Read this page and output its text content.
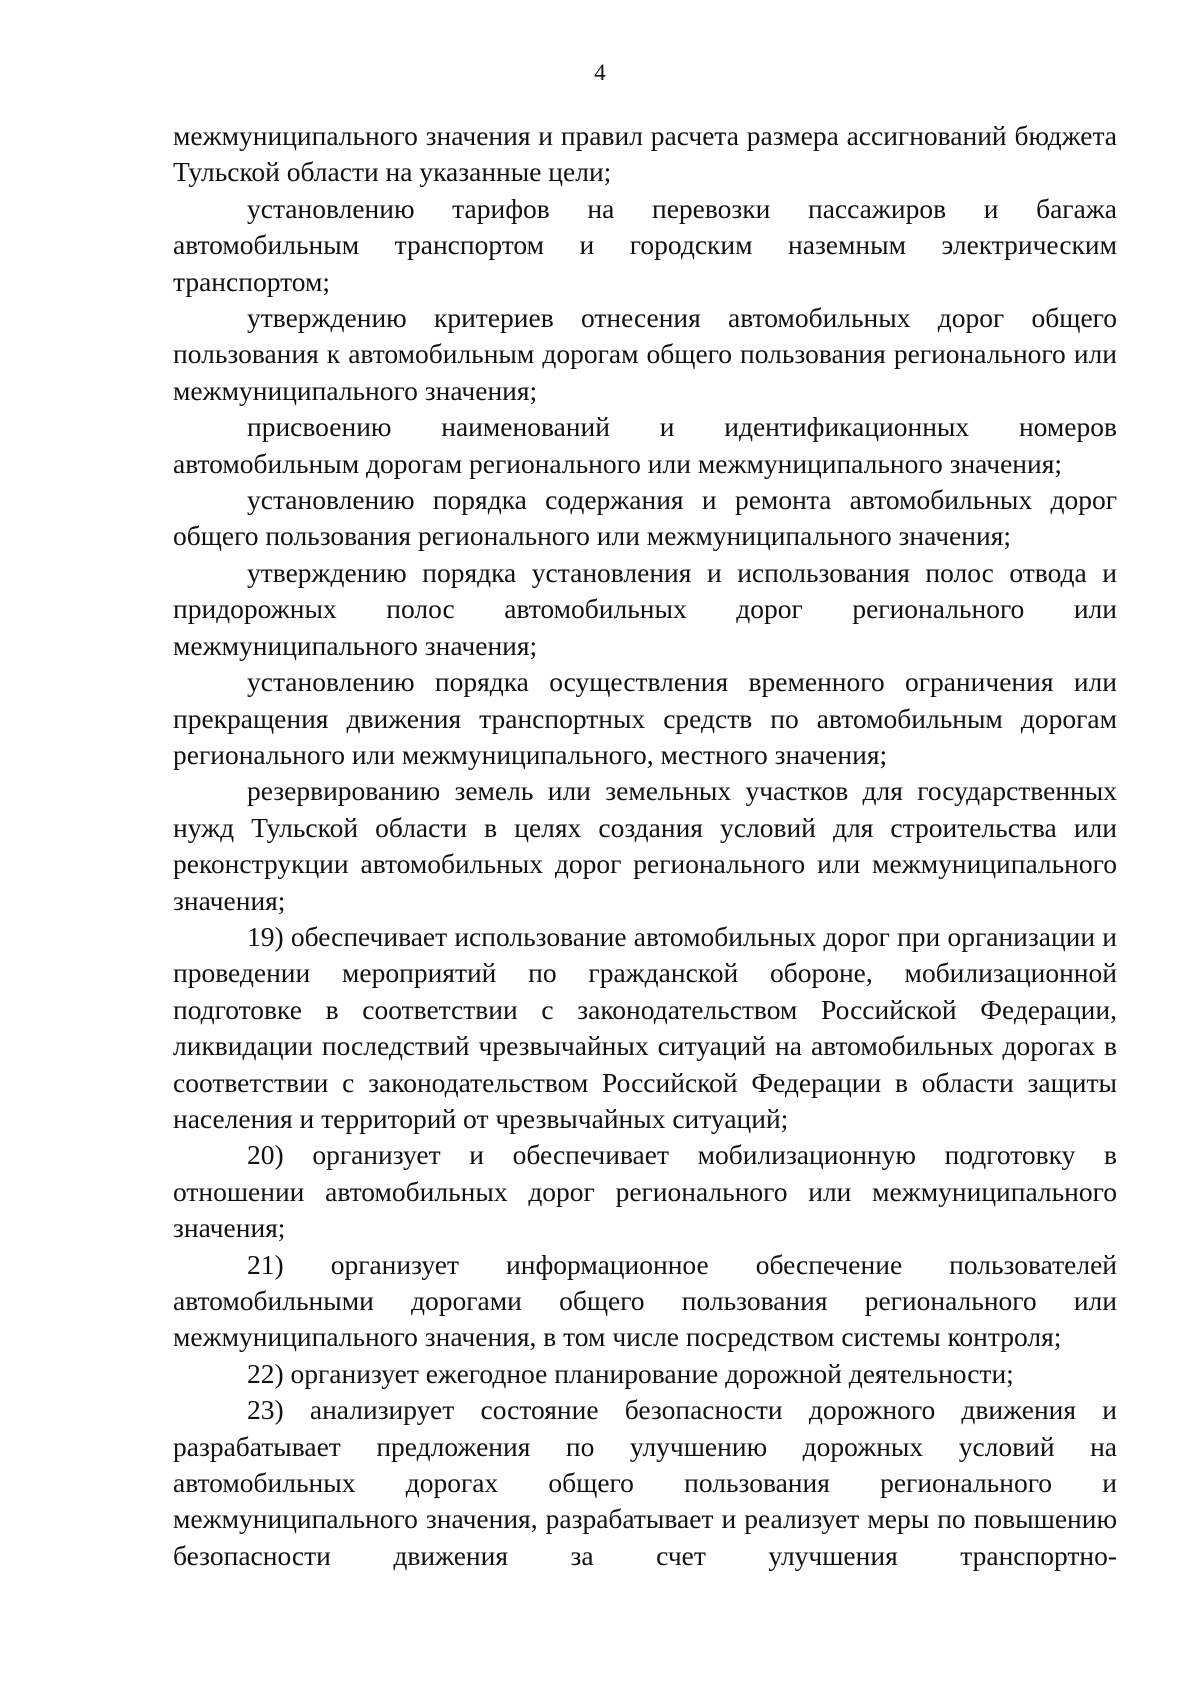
4

межмуниципального значения и правил расчета размера ассигнований бюджета Тульской области на указанные цели;

установлению тарифов на перевозки пассажиров и багажа автомобильным транспортом и городским наземным электрическим транспортом;

утверждению критериев отнесения автомобильных дорог общего пользования к автомобильным дорогам общего пользования регионального или межмуниципального значения;

присвоению наименований и идентификационных номеров автомобильным дорогам регионального или межмуниципального значения;

установлению порядка содержания и ремонта автомобильных дорог общего пользования регионального или межмуниципального значения;

утверждению порядка установления и использования полос отвода и придорожных полос автомобильных дорог регионального или межмуниципального значения;

установлению порядка осуществления временного ограничения или прекращения движения транспортных средств по автомобильным дорогам регионального или межмуниципального, местного значения;

резервированию земель или земельных участков для государственных нужд Тульской области в целях создания условий для строительства или реконструкции автомобильных дорог регионального или межмуниципального значения;

19) обеспечивает использование автомобильных дорог при организации и проведении мероприятий по гражданской обороне, мобилизационной подготовке в соответствии с законодательством Российской Федерации, ликвидации последствий чрезвычайных ситуаций на автомобильных дорогах в соответствии с законодательством Российской Федерации в области защиты населения и территорий от чрезвычайных ситуаций;

20) организует и обеспечивает мобилизационную подготовку в отношении автомобильных дорог регионального или межмуниципального значения;

21) организует информационное обеспечение пользователей автомобильными дорогами общего пользования регионального или межмуниципального значения, в том числе посредством системы контроля;

22) организует ежегодное планирование дорожной деятельности;

23) анализирует состояние безопасности дорожного движения и разрабатывает предложения по улучшению дорожных условий на автомобильных дорогах общего пользования регионального и межмуниципального значения, разрабатывает и реализует меры по повышению безопасности движения за счет улучшения транспортно-
